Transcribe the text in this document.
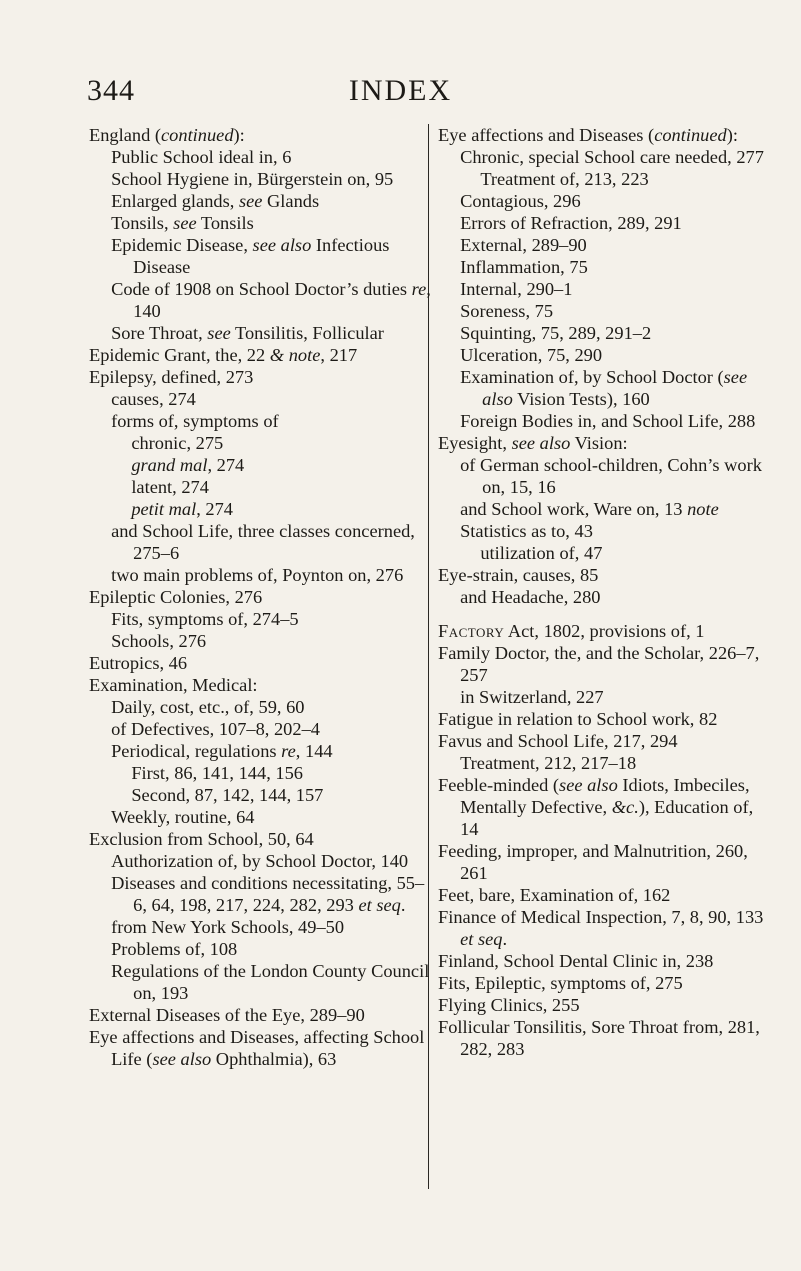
344	INDEX

England (continued):

Public School ideal in, 6

School Hygiene in, Bürgerstein on, 95

Enlarged glands, see Glands

Tonsils, see Tonsils

Epidemic Disease, see also Infectious Disease

Code of 1908 on School Doctor’s duties re, 140

Sore Throat, see Tonsilitis, Follicular

Epidemic Grant, the, 22 & note, 217

Epilepsy, defined, 273

causes, 274

forms of, symptoms of

chronic, 275

grand mal, 274

latent, 274

petit mal, 274

and School Life, three classes concerned, 275–6

two main problems of, Poynton on, 276

Epileptic Colonies, 276

Fits, symptoms of, 274–5

Schools, 276

Eutropics, 46

Examination, Medical:

Daily, cost, etc., of, 59, 60

of Defectives, 107–8, 202–4

Periodical, regulations re, 144

First, 86, 141, 144, 156

Second, 87, 142, 144, 157

Weekly, routine, 64

Exclusion from School, 50, 64

Authorization of, by School Doctor, 140

Diseases and conditions necessitating, 55–6, 64, 198, 217, 224, 282, 293 et seq.

from New York Schools, 49–50

Problems of, 108

Regulations of the London County Council on, 193

External Diseases of the Eye, 289–90

Eye affections and Diseases, affecting School Life (see also Ophthalmia), 63

Eye affections and Diseases (continued):

Chronic, special School care needed, 277

Treatment of, 213, 223

Contagious, 296

Errors of Refraction, 289, 291

External, 289–90

Inflammation, 75

Internal, 290–1

Soreness, 75

Squinting, 75, 289, 291–2

Ulceration, 75, 290

Examination of, by School Doctor (see also Vision Tests), 160

Foreign Bodies in, and School Life, 288

Eyesight, see also Vision:

of German school-children, Cohn’s work on, 15, 16

and School work, Ware on, 13 note

Statistics as to, 43

utilization of, 47

Eye-strain, causes, 85

and Headache, 280

Factory Act, 1802, provisions of, 1

Family Doctor, the, and the Scholar, 226–7, 257

in Switzerland, 227

Fatigue in relation to School work, 82

Favus and School Life, 217, 294

Treatment, 212, 217–18

Feeble-minded (see also Idiots, Imbeciles, Mentally Defective, &c.), Education of, 14

Feeding, improper, and Malnutrition, 260, 261

Feet, bare, Examination of, 162

Finance of Medical Inspection, 7, 8, 90, 133 et seq.

Finland, School Dental Clinic in, 238

Fits, Epileptic, symptoms of, 275

Flying Clinics, 255

Follicular Tonsilitis, Sore Throat from, 281, 282, 283
